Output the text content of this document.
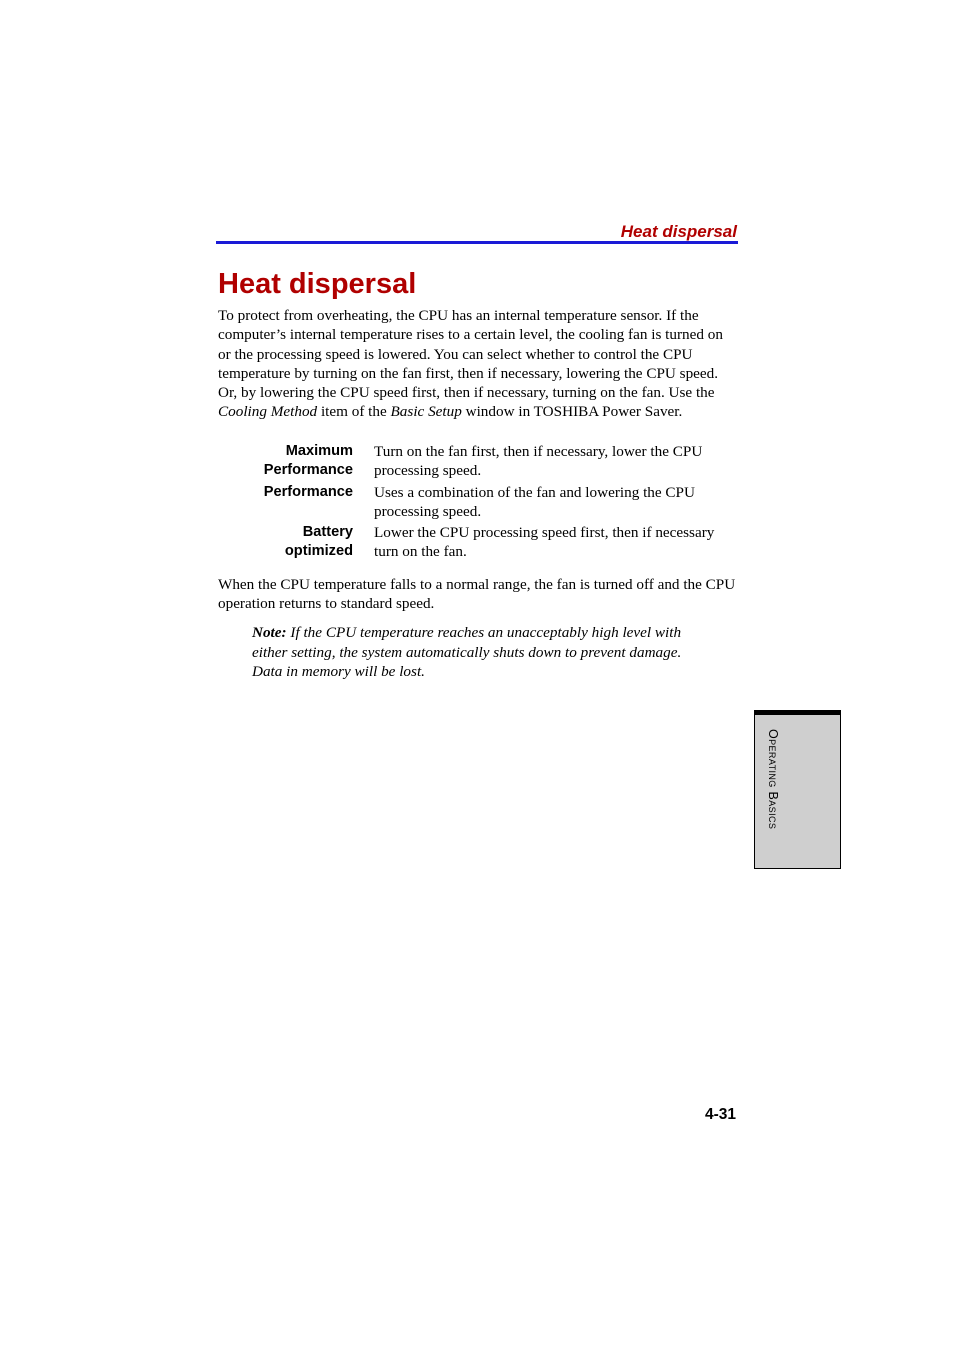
Heat dispersal
Heat dispersal

To protect from overheating, the CPU has an internal temperature sensor. If the computer’s internal temperature rises to a certain level, the cooling fan is turned on or the processing speed is lowered. You can select whether to control the CPU temperature by turning on the fan first, then if necessary, lowering the CPU speed. Or, by lowering the CPU speed first, then if necessary, turning on the fan. Use the Cooling Method item of the Basic Setup window in TOSHIBA Power Saver.

Maximum
Performance
Turn on the fan first, then if necessary, lower the CPU processing speed.
Performance Uses a combination of the fan and lowering the CPU processing speed.
Battery
optimized
Lower the CPU processing speed first, then if necessary turn on the fan.

When the CPU temperature falls to a normal range, the fan is turned off and the CPU operation returns to standard speed.

Note: If the CPU temperature reaches an unacceptably high level with either setting, the system automatically shuts down to prevent damage. Data in memory will be lost.

Operating Basics
4-31
